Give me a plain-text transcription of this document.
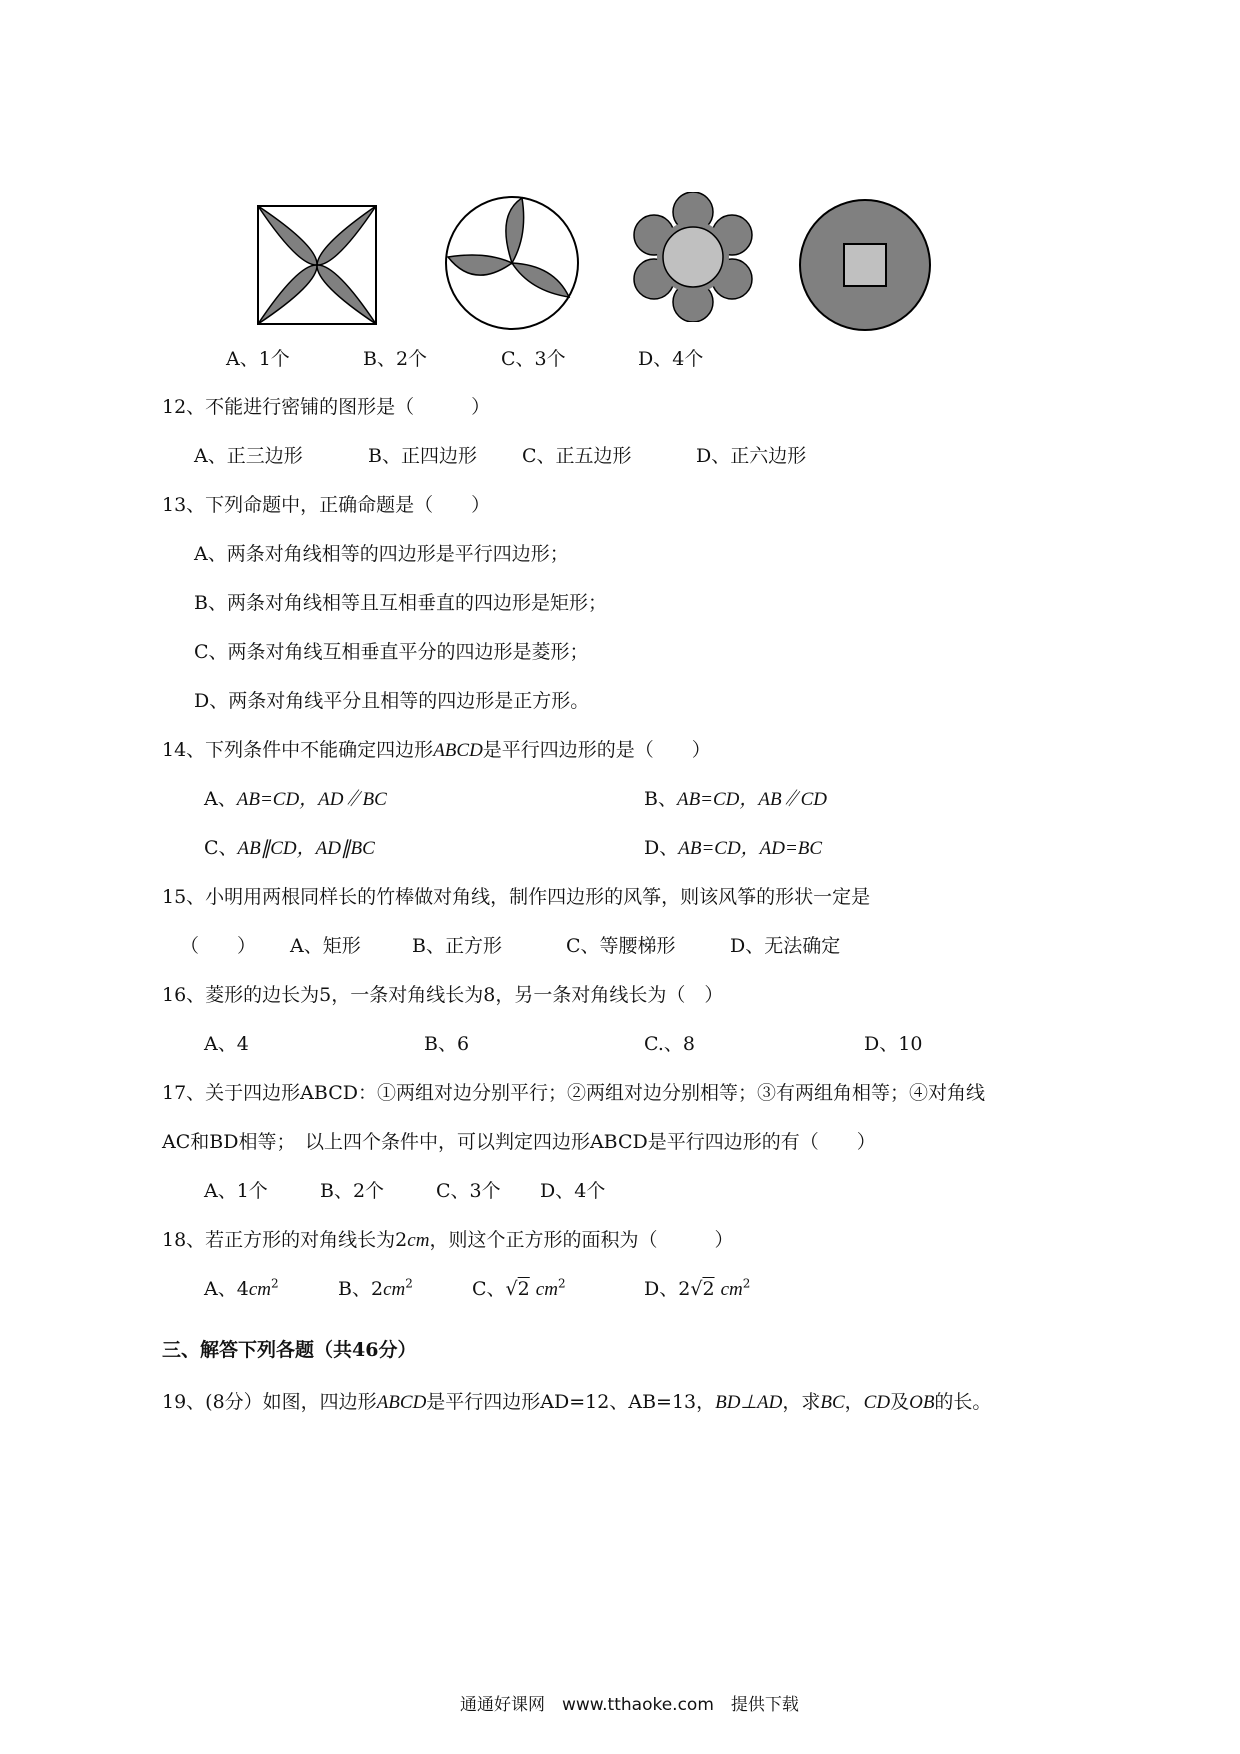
A、1个	B、2个	C、3个	D、4个
12、不能进行密铺的图形是（　　　）
A、正三边形	B、正四边形 C、正五边形	D、正六边形
13、下列命题中，正确命题是（　　）
A、两条对角线相等的四边形是平行四边形；
B、两条对角线相等且互相垂直的四边形是矩形；
C、两条对角线互相垂直平分的四边形是菱形；
D、两条对角线平分且相等的四边形是正方形。
14、下列条件中不能确定四边形ABCD是平行四边形的是（　　）
A、AB=CD，AD∥BC	B、AB=CD，AB∥CD
C、AB∥CD，AD∥BC	D、AB=CD，AD=BC
15、小明用两根同样长的竹棒做对角线，制作四边形的风筝，则该风筝的形状一定是
（　　） A、矩形	B、正方形	C、等腰梯形	D、无法确定
16、菱形的边长为5，一条对角线长为8，另一条对角线长为（　）
A、4	B、6	C.、8	D、10
17、关于四边形ABCD：①两组对边分别平行；②两组对边分别相等；③有两组角相等；④对角线
AC和BD相等；　以上四个条件中，可以判定四边形ABCD是平行四边形的有（　　）
A、1个	B、2个	C、3个 D、4个
18、若正方形的对角线长为2cm，则这个正方形的面积为（　　　）
A、$4cm^2$	B、$2cm^2$	C、√2 $cm^2$	D、2√2 $cm^2$
三、解答下列各题（共46分）
19、(8分）如图，四边形ABCD是平行四边形AD=12、AB=13，BD⊥AD，求BC，CD及OB的长。
通通好课网　www.tthaoke.com　提供下载
